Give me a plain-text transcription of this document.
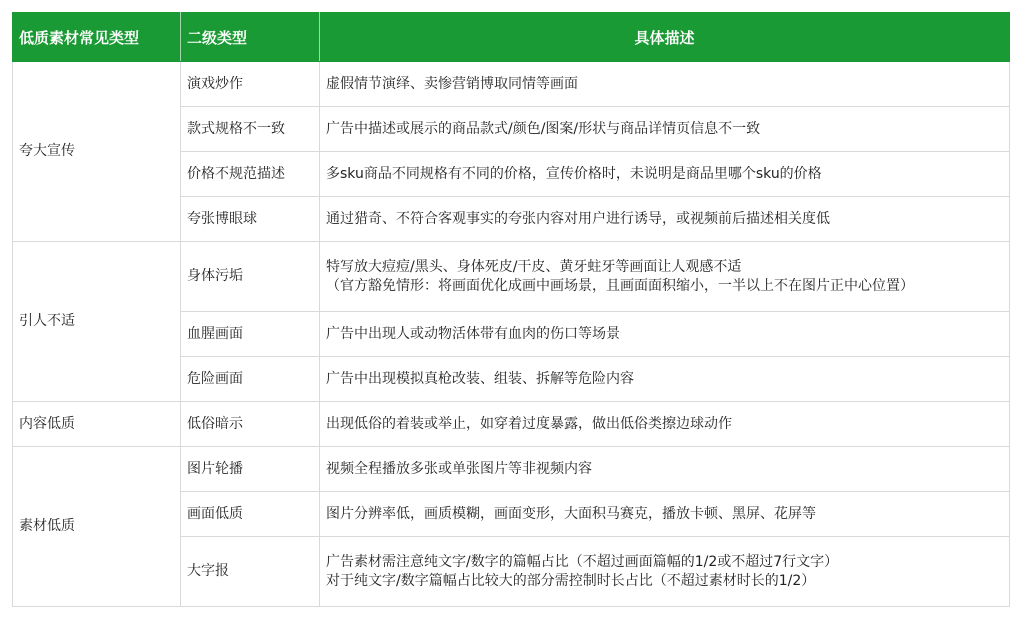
低质素材常见类型	二级类型	具体描述
夸大宣传	演戏炒作	虚假情节演绎、卖惨营销博取同情等画面

	款式规格不一致	广告中描述或展示的商品款式/颜色/图案/形状与商品详情页信息不一致

	价格不规范描述	多sku商品不同规格有不同的价格，宣传价格时，未说明是商品里哪个sku的价格

	夸张博眼球	通过猎奇、不符合客观事实的夸张内容对用户进行诱导，或视频前后描述相关度低

引人不适	身体污垢	特写放大痘痘/黑头、身体死皮/干皮、黄牙蛀牙等画面让人观感不适
（官方豁免情形：将画面优化成画中画场景，且画面面积缩小，一半以上不在图片正中心位置）

	血腥画面	广告中出现人或动物活体带有血肉的伤口等场景

	危险画面	广告中出现模拟真枪改装、组装、拆解等危险内容

内容低质	低俗暗示	出现低俗的着装或举止，如穿着过度暴露，做出低俗类擦边球动作

素材低质	图片轮播	视频全程播放多张或单张图片等非视频内容

	画面低质	图片分辨率低，画质模糊，画面变形，大面积马赛克，播放卡顿、黑屏、花屏等

	大字报	广告素材需注意纯文字/数字的篇幅占比（不超过画面篇幅的1/2或不超过7行文字）
对于纯文字/数字篇幅占比较大的部分需控制时长占比（不超过素材时长的1/2）
